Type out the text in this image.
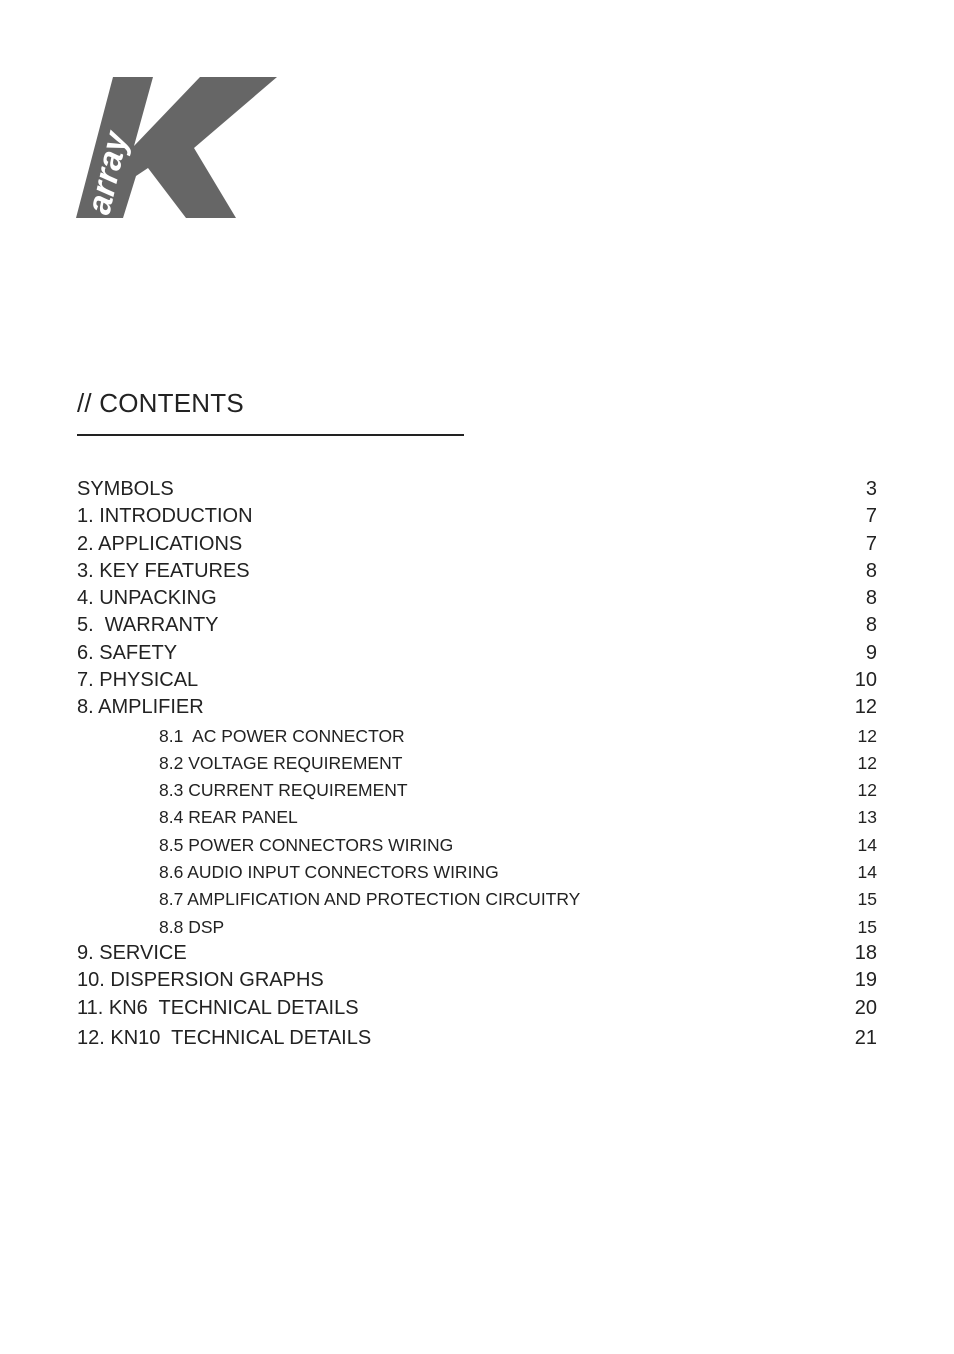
array
// CONTENTS
SYMBOLS	3
1. INTRODUCTION	7
2. APPLICATIONS	7
3. KEY FEATURES	8
4. UNPACKING	8
5.  WARRANTY	8
6. SAFETY	9
7. PHYSICAL	10
8. AMPLIFIER	12
8.1  AC POWER CONNECTOR	12
8.2 VOLTAGE REQUIREMENT	12
8.3 CURRENT REQUIREMENT	12
8.4 REAR PANEL	13
8.5 POWER CONNECTORS WIRING	14
8.6 AUDIO INPUT CONNECTORS WIRING	14
8.7 AMPLIFICATION AND PROTECTION CIRCUITRY	15
8.8 DSP	15
9. SERVICE	18
10. DISPERSION GRAPHS	19
11. KN6  TECHNICAL DETAILS	20
12. KN10  TECHNICAL DETAILS	21
